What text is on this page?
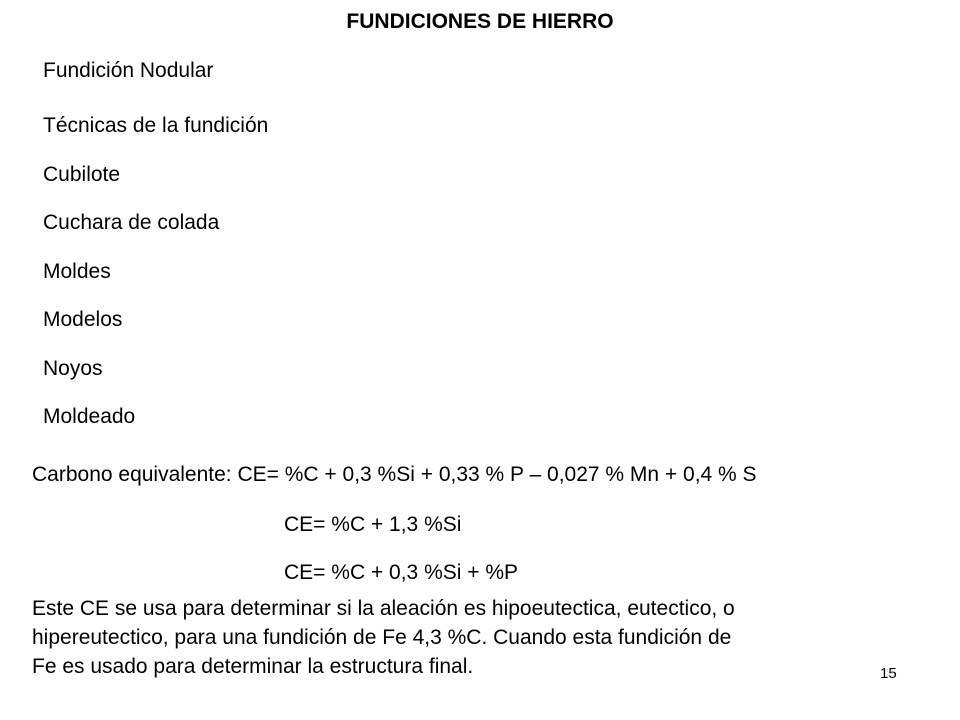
FUNDICIONES DE HIERRO
Fundición Nodular
Técnicas de la fundición
Cubilote
Cuchara de colada
Moldes
Modelos
Noyos
Moldeado
Carbono equivalente: CE= %C + 0,3 %Si + 0,33 % P – 0,027 % Mn + 0,4 % S
CE= %C + 1,3 %Si
CE= %C + 0,3 %Si + %P

Este CE se usa para determinar si la aleación es hipoeutectica, eutectico, o
hipereutectico, para una fundición de Fe 4,3 %C. Cuando esta fundición de
Fe es usado para determinar la estructura final.	15
